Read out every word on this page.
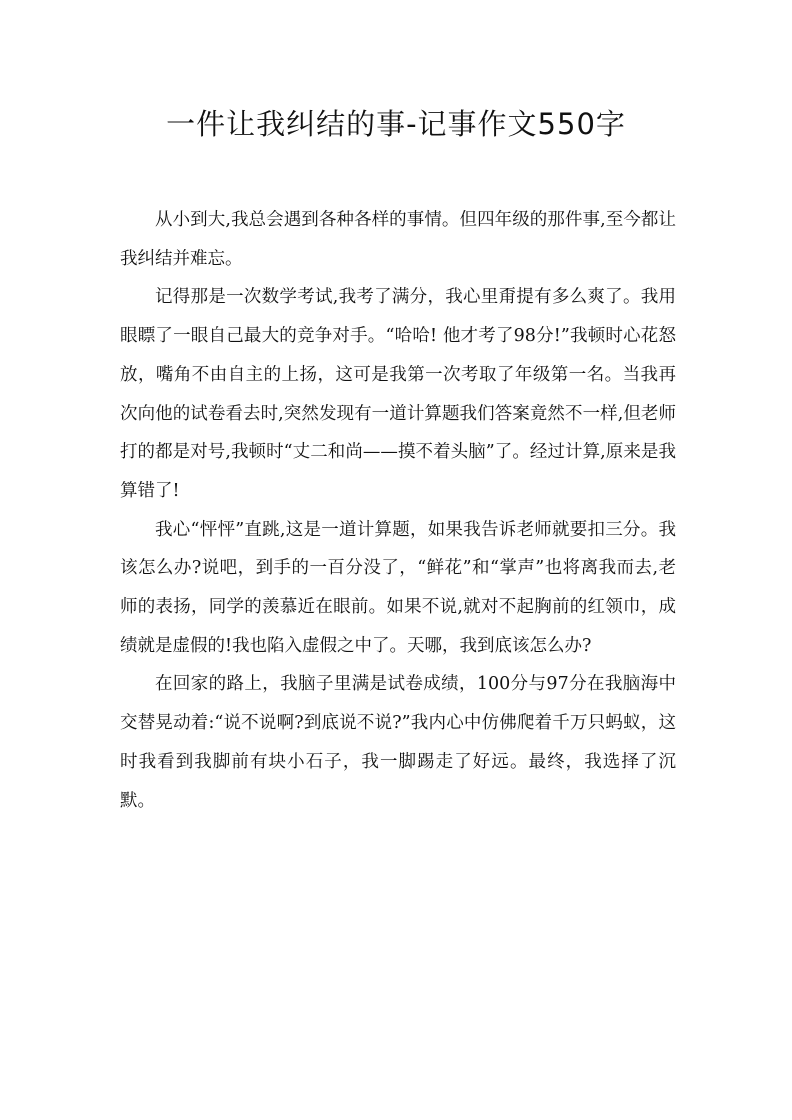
一件让我纠结的事-记事作文550字

从小到大,我总会遇到各种各样的事情。但四年级的那件事,至今都让我纠结并难忘。

记得那是一次数学考试,我考了满分，我心里甭提有多么爽了。我用眼瞟了一眼自己最大的竞争对手。“哈哈! 他才考了98分!”我顿时心花怒放，嘴角不由自主的上扬，这可是我第一次考取了年级第一名。当我再次向他的试卷看去时,突然发现有一道计算题我们答案竟然不一样,但老师打的都是对号,我顿时“丈二和尚——摸不着头脑”了。经过计算,原来是我算错了!

我心“怦怦”直跳,这是一道计算题，如果我告诉老师就要扣三分。我该怎么办?说吧，到手的一百分没了，“鲜花”和“掌声”也将离我而去,老师的表扬，同学的羡慕近在眼前。如果不说,就对不起胸前的红领巾，成绩就是虚假的!我也陷入虚假之中了。天哪，我到底该怎么办?

在回家的路上，我脑子里满是试卷成绩，100分与97分在我脑海中交替晃动着:“说不说啊?到底说不说?”我内心中仿佛爬着千万只蚂蚁，这时我看到我脚前有块小石子，我一脚踢走了好远。最终，我选择了沉默。
